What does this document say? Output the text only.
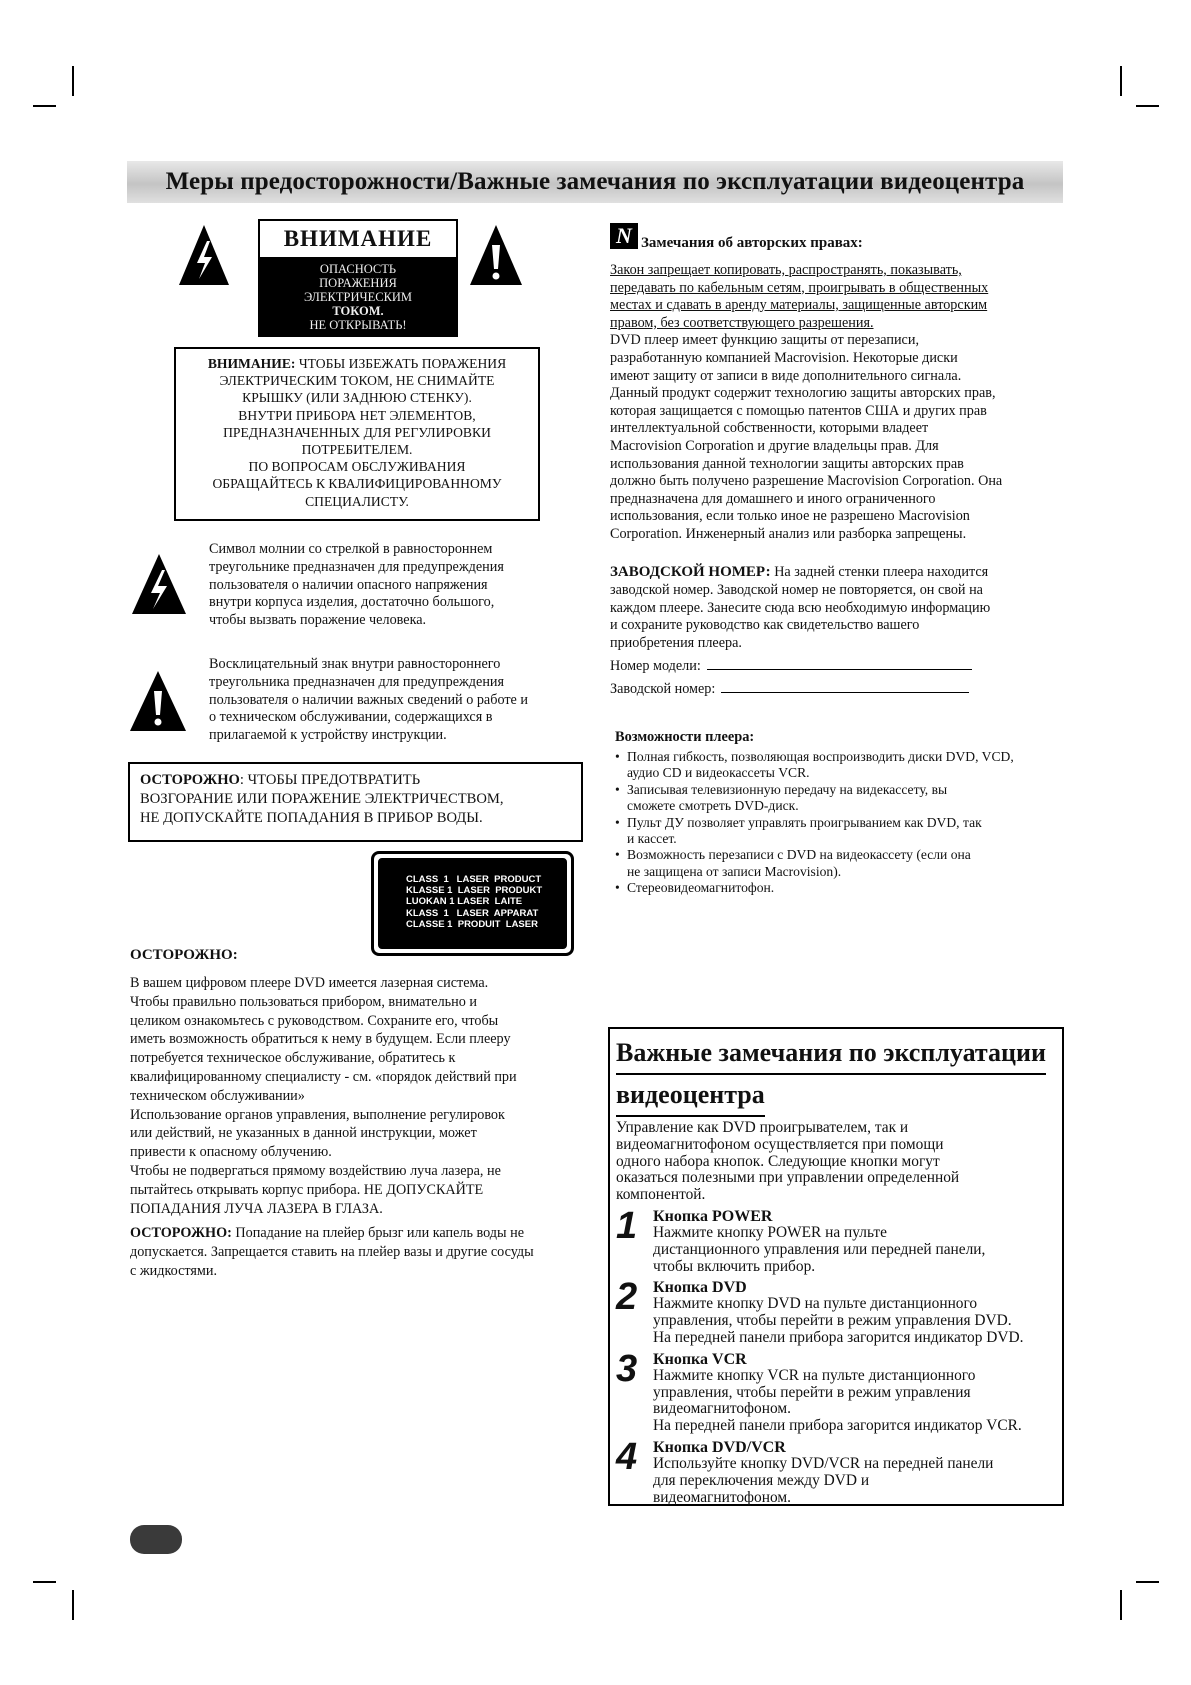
Меры предосторожности/Важные замечания по эксплуатации видеоцентра
ВНИМАНИЕ
ОПАСНОСТЬ
ПОРАЖЕНИЯ
ЭЛЕКТРИЧЕСКИМ
ТОКОМ.
НЕ ОТКРЫВАТЬ!
ВНИМАНИЕ: ЧТОБЫ ИЗБЕЖАТЬ ПОРАЖЕНИЯ
ЭЛЕКТРИЧЕСКИМ ТОКОМ, НЕ СНИМАЙТЕ
КРЫШКУ (ИЛИ ЗАДНЮЮ СТЕНКУ).
ВНУТРИ ПРИБОРА НЕТ ЭЛЕМЕНТОВ,
ПРЕДНАЗНАЧЕННЫХ ДЛЯ РЕГУЛИРОВКИ
ПОТРЕБИТЕЛЕМ.
ПО ВОПРОСАМ ОБСЛУЖИВАНИЯ
ОБРАЩАЙТЕСЬ К КВАЛИФИЦИРОВАННОМУ
СПЕЦИАЛИСТУ.
Символ молнии со стрелкой в равностороннем
треугольнике предназначен для предупреждения
пользователя о наличии опасного напряжения
внутри корпуса изделия, достаточно большого,
чтобы вызвать поражение человека.
Восклицательный знак внутри равностороннего
треугольника предназначен для предупреждения
пользователя о наличии важных сведений о работе и
о техническом обслуживании, содержащихся в
прилагаемой к устройству инструкции.
ОСТОРОЖНО: ЧТОБЫ ПРЕДОТВРАТИТЬ
ВОЗГОРАНИЕ ИЛИ ПОРАЖЕНИЕ ЭЛЕКТРИЧЕСТВОМ,
НЕ ДОПУСКАЙТЕ ПОПАДАНИЯ В ПРИБОР ВОДЫ.
CLASS  1   LASER  PRODUCT
KLASSE 1  LASER  PRODUKT
LUOKAN 1 LASER  LAITE
KLASS  1   LASER  APPARAT
CLASSE 1  PRODUIT  LASER
ОСТОРОЖНО:
В вашем цифровом плеере DVD имеется лазерная система.
Чтобы правильно пользоваться прибором, внимательно и
целиком ознакомьтесь с руководством. Сохраните его, чтобы
иметь возможность обратиться к нему в будущем. Если плееру
потребуется техническое обслуживание, обратитесь к
квалифицированному специалисту - см. «порядок действий при
техническом обслуживании»
Использование органов управления, выполнение регулировок
или действий, не указанных в данной инструкции, может
привести к опасному облучению.
Чтобы не подвергаться прямому воздействию луча лазера, не
пытайтесь открывать корпус прибора. НЕ ДОПУСКАЙТЕ
ПОПАДАНИЯ ЛУЧА ЛАЗЕРА В ГЛАЗА.
ОСТОРОЖНО: Попадание на плейер брызг или капель воды не
допускается. Запрещается ставить на плейер вазы и другие сосуды
с жидкостями.
N Замечания об авторских правах:
Закон запрещает копировать, распространять, показывать,
передавать по кабельным сетям, проигрывать в общественных
местах и сдавать в аренду материалы, защищенные авторским
правом, без соответствующего разрешения.
DVD плеер имеет функцию защиты от перезаписи,
разработанную компанией Macrovision. Некоторые диски
имеют защиту от записи в виде дополнительного сигнала.
Данный продукт содержит технологию защиты авторских прав,
которая защищается с помощью патентов США и других прав
интеллектуальной собственности, которыми владеет
Macrovision Corporation и другие владельцы прав. Для
использования данной технологии защиты авторских прав
должно быть получено разрешение Macrovision Corporation. Она
предназначена для домашнего и иного ограниченного
использования, если только иное не разрешено Macrovision
Corporation. Инженерный анализ или разборка запрещены.
ЗАВОДСКОЙ НОМЕР: На задней стенки плеера находится
заводской номер. Заводской номер не повторяется, он свой на
каждом плеере. Занесите сюда всю необходимую информацию
и сохраните руководство как свидетельство вашего
приобретения плеера.
Номер модели:
Заводской номер:
Возможности плеера:
• Полная гибкость, позволяющая воспроизводить диски DVD, VCD,
аудио CD и видеокассеты VCR.
• Записывая телевизионную передачу на видекассету, вы
сможете смотреть DVD-диск.
• Пульт ДУ позволяет управлять проигрыванием как DVD, так
и кассет.
• Возможность перезаписи с DVD на видеокассету (если она
не защищена от записи Macrovision).
• Стереовидеомагнитофон.
Важные замечания по эксплуатации
видеоцентра
Управление как DVD проигрывателем, так и
видеомагнитофоном осуществляется при помощи
одного набора кнопок. Следующие кнопки могут
оказаться полезными при управлении определенной
компонентой.
1 Кнопка POWER
Нажмите кнопку POWER на пульте
дистанционного управления или передней панели,
чтобы включить прибор.
2 Кнопка DVD
Нажмите кнопку DVD на пульте дистанционного
управления, чтобы перейти в режим управления DVD.
На передней панели прибора загорится индикатор DVD.
3 Кнопка VCR
Нажмите кнопку VCR на пульте дистанционного
управления, чтобы перейти в режим управления
видеомагнитофоном.
На передней панели прибора загорится индикатор VCR.
4 Кнопка DVD/VCR
Используйте кнопку DVD/VCR на передней панели
для переключения между DVD и
видеомагнитофоном.
